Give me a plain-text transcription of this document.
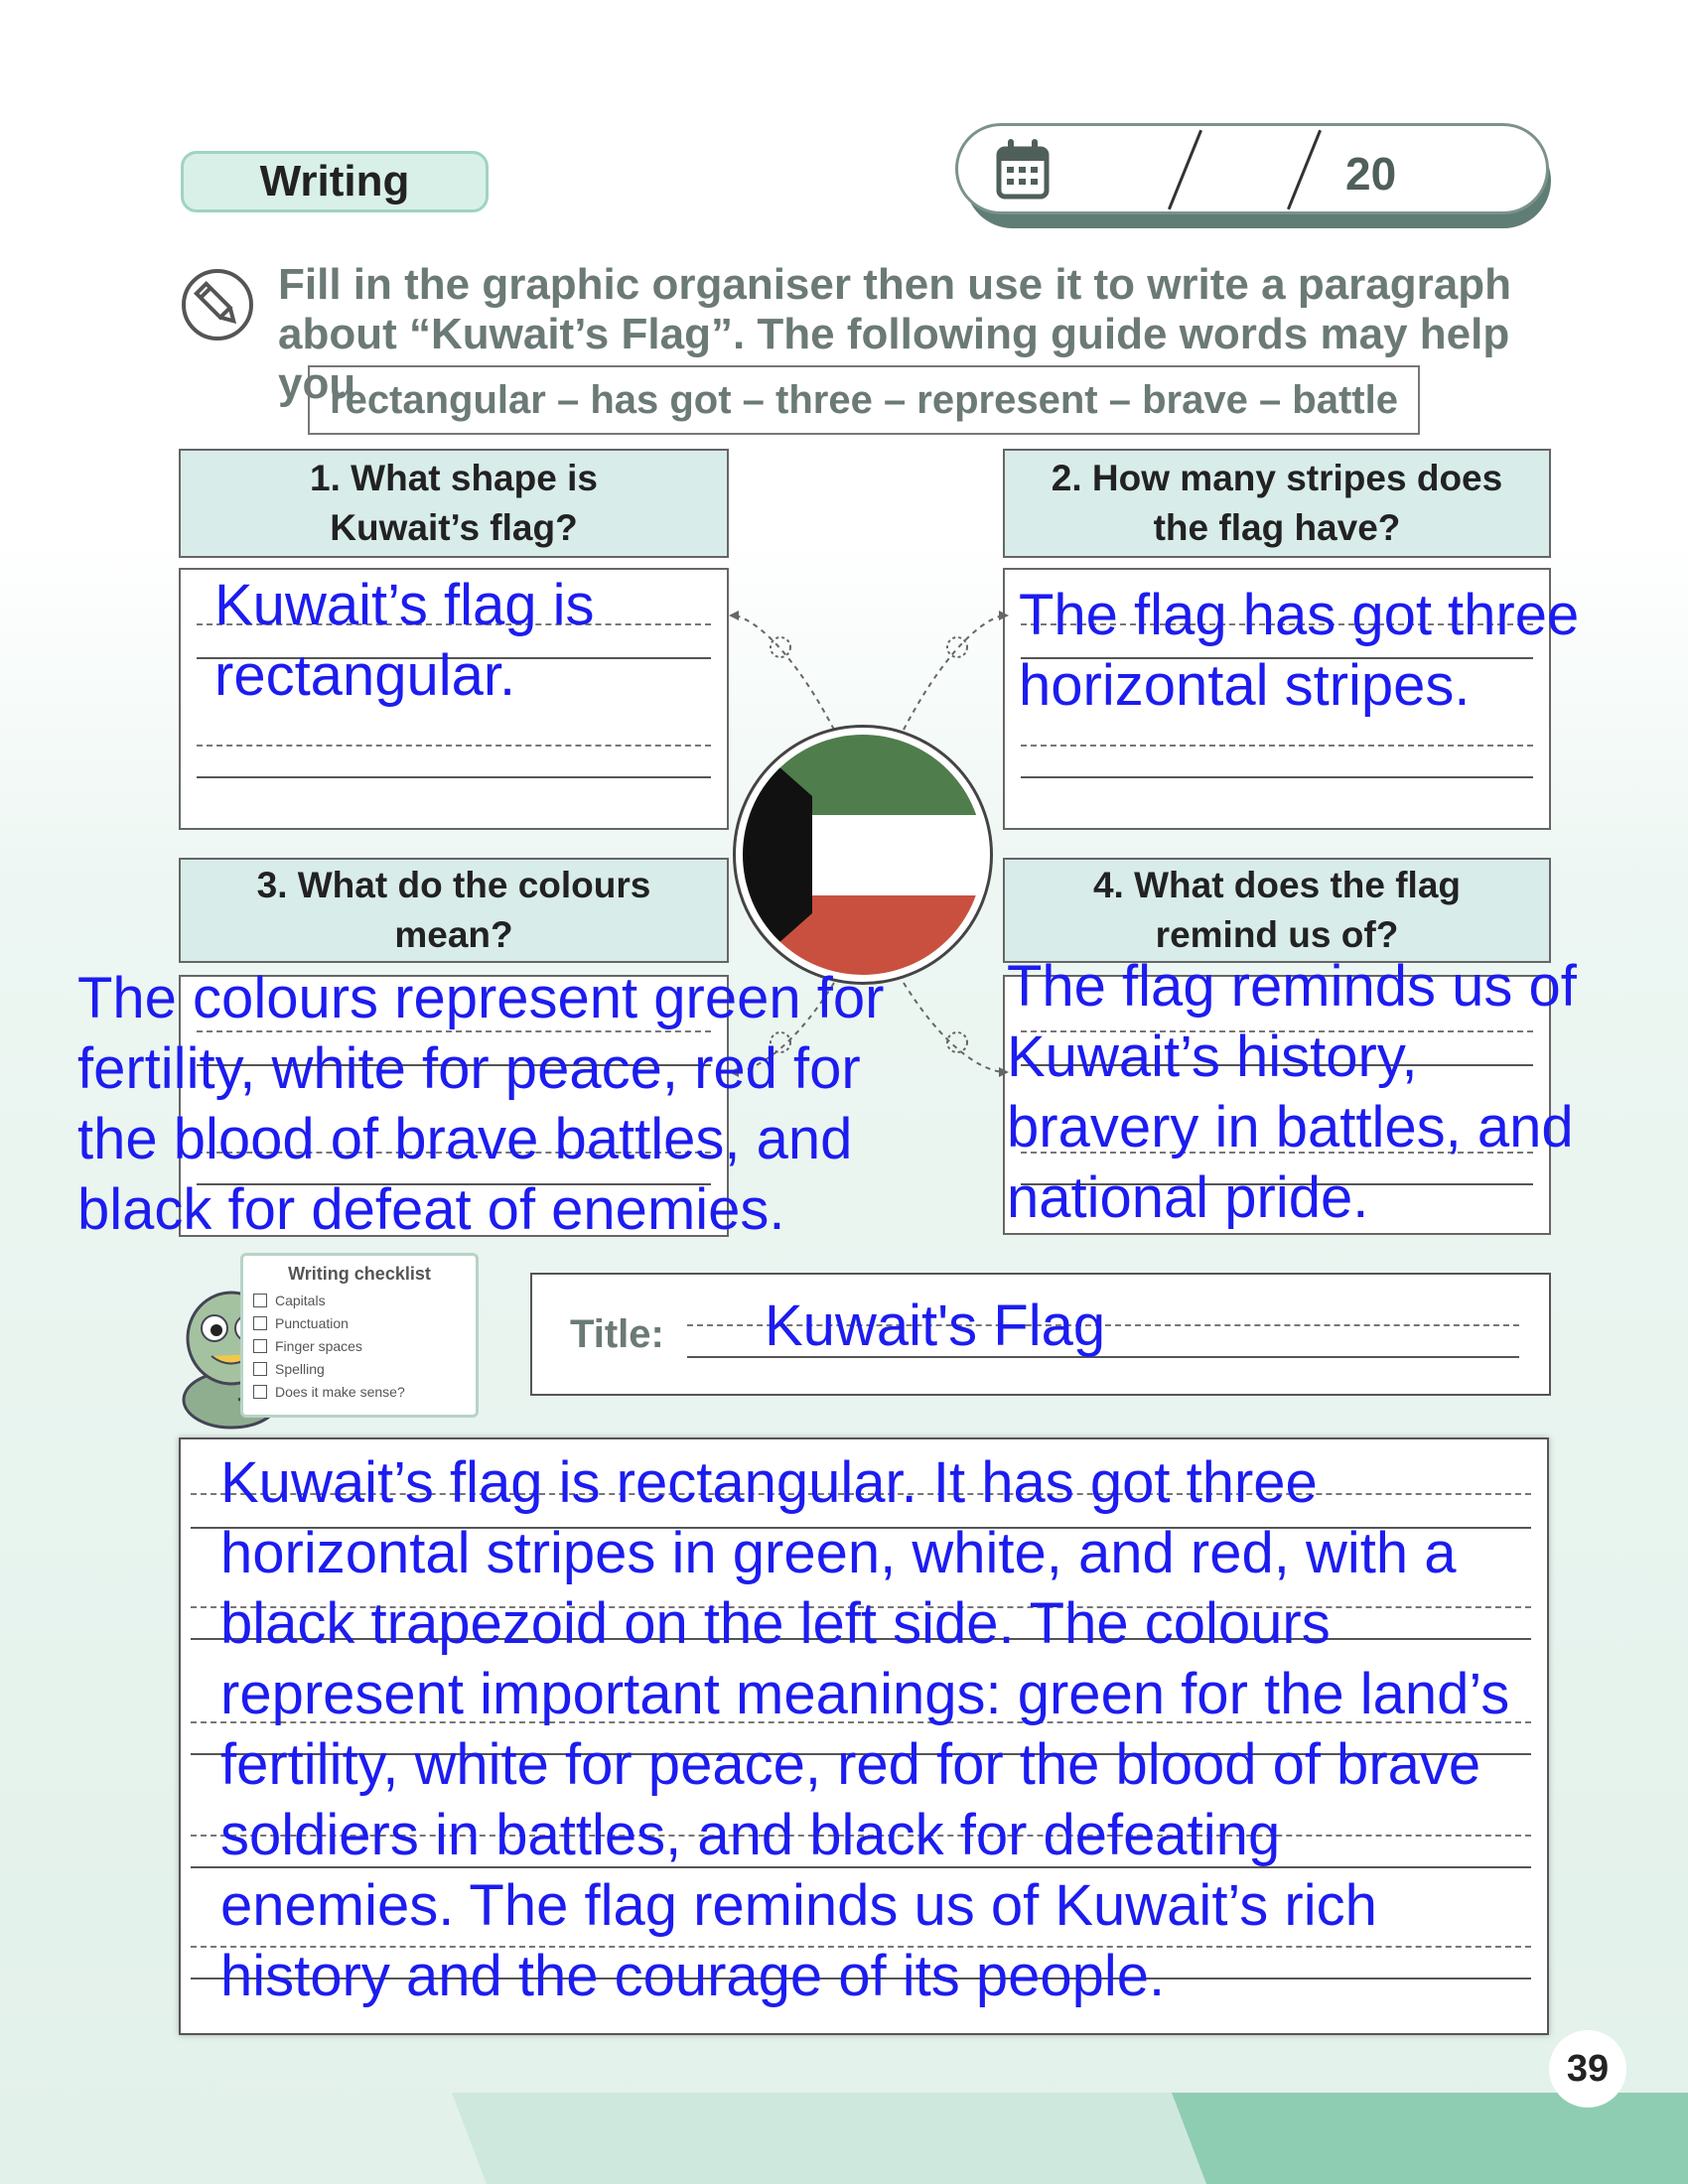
Writing	20
Fill in the graphic organiser then use it to write a paragraph
about “Kuwait’s Flag”. The following guide words may help you
rectangular – has got – three – represent – brave – battle
1. What shape is
Kuwait’s flag?
Kuwait’s flag is
rectangular.
2. How many stripes does
the flag have?
The flag has got three
horizontal stripes.
3. What do the colours
mean?
4. What does the flag
remind us of?
The colours represent green for
fertility, white for peace, red for
the blood of brave battles, and
black for defeat of enemies.
The flag reminds us of
Kuwait’s history,
bravery in battles, and
national pride.
Writing checklist
Capitals
Punctuation
Finger spaces
Spelling
Does it make sense?
Title: Kuwait's Flag
Kuwait’s flag is rectangular. It has got three
horizontal stripes in green, white, and red, with a
black trapezoid on the left side. The colours
represent important meanings: green for the land’s
fertility, white for peace, red for the blood of brave
soldiers in battles, and black for defeating
enemies. The flag reminds us of Kuwait’s rich
history and the courage of its people.
39
